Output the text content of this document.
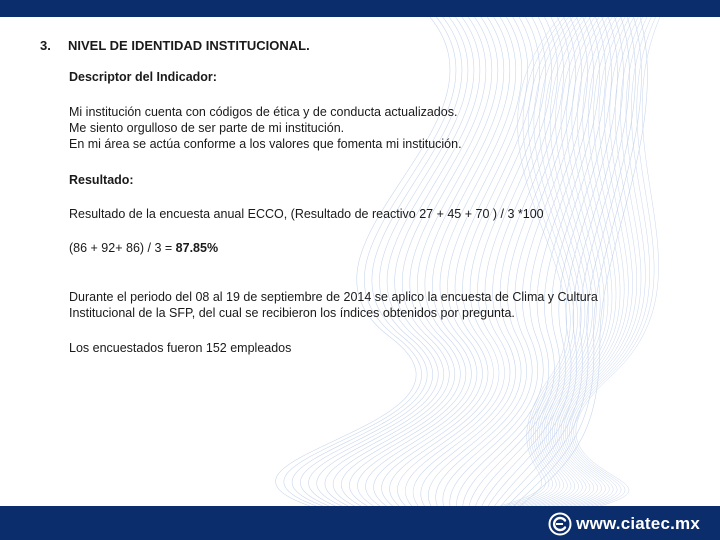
3. NIVEL DE IDENTIDAD INSTITUCIONAL.
Descriptor del Indicador:
Mi institución cuenta con códigos de ética y de conducta actualizados.
Me siento orgulloso de ser parte de mi institución.
En mi área se actúa conforme a los valores que fomenta mi institución.
Resultado:
Resultado de la encuesta anual ECCO, (Resultado de reactivo 27 + 45 + 70 ) / 3 *100
(86 + 92+ 86) / 3 = 87.85%
Durante el periodo del 08 al 19 de septiembre de 2014 se aplico la encuesta de Clima y Cultura
Institucional de la SFP, del cual se recibieron los índices obtenidos por pregunta.
Los encuestados fueron 152 empleados
www.ciatec.mx
